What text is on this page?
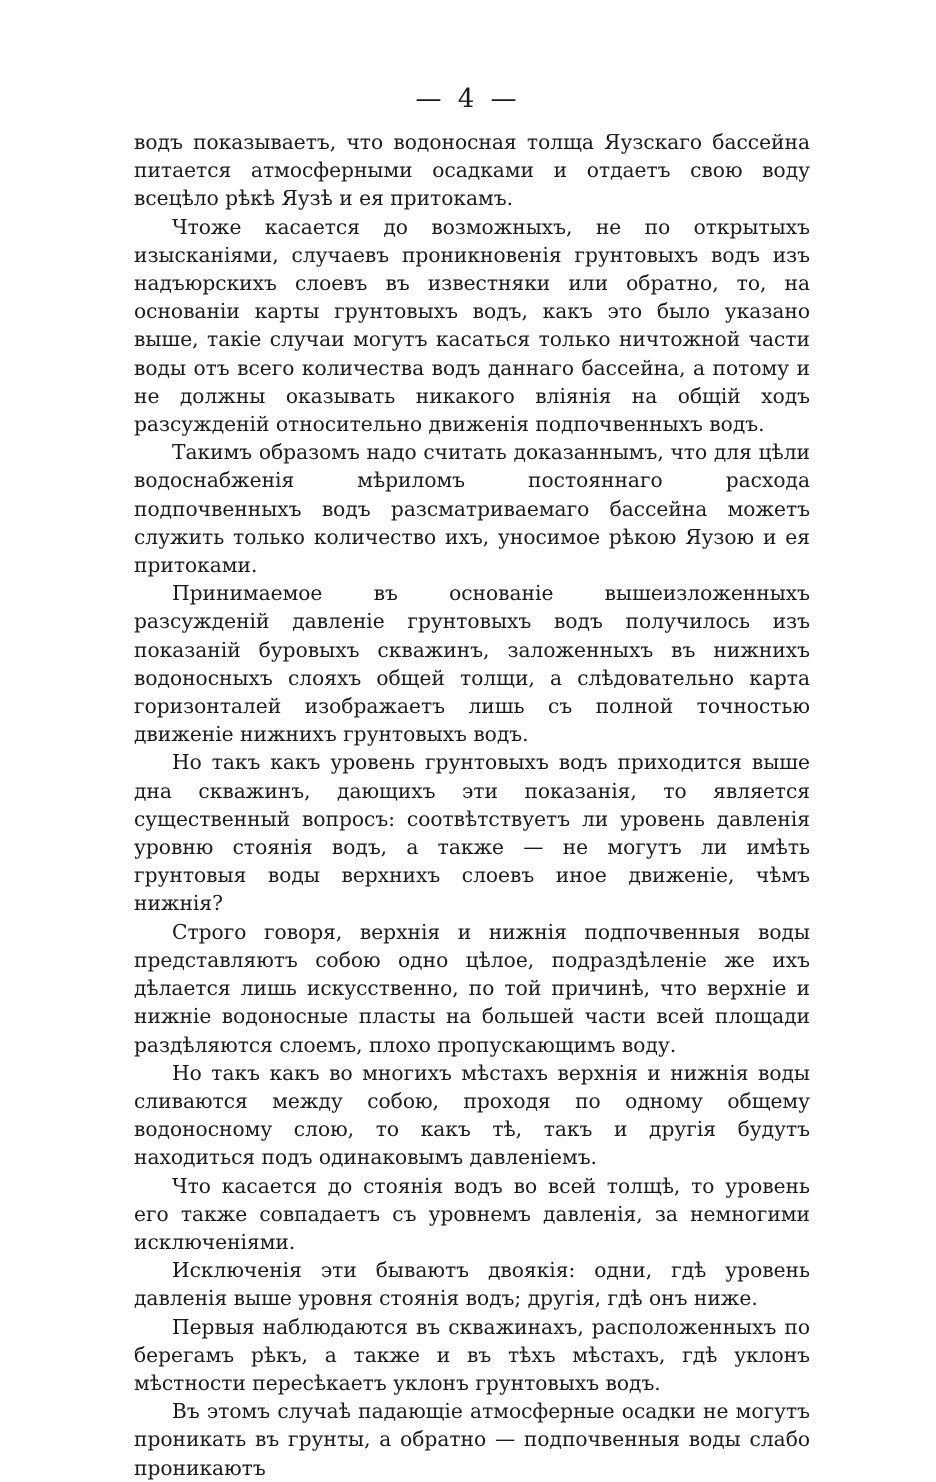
— 4 —

водъ показываетъ, что водоносная толща Яузскаго бассейна питается атмосферными осадками и отдаетъ свою воду всецѣло рѣкѣ Яузѣ и ея притокамъ.

Чтоже касается до возможныхъ, не по открытыхъ изысканіями, случаевъ проникновенія грунтовыхъ водъ изъ надъюрскихъ слоевъ въ известняки или обратно, то, на основаніи карты грунтовыхъ водъ, какъ это было указано выше, такіе случаи могутъ касаться только ничтожной части воды отъ всего количества водъ даннаго бассейна, а потому и не должны оказывать никакого вліянія на общій ходъ разсужденій относительно движенія подпочвенныхъ водъ.

Такимъ образомъ надо считать доказаннымъ, что для цѣли водоснабженія мѣриломъ постояннаго расхода подпочвенныхъ водъ разсматриваемаго бассейна можетъ служить только количество ихъ, уносимое рѣкою Яузою и ея притоками.

Принимаемое въ основаніе вышеизложенныхъ разсужденій давленіе грунтовыхъ водъ получилось изъ показаній буровыхъ скважинъ, заложенныхъ въ нижнихъ водоносныхъ слояхъ общей толщи, а слѣдовательно карта горизонталей изображаетъ лишь съ полной точностью движеніе нижнихъ грунтовыхъ водъ.

Но такъ какъ уровень грунтовыхъ водъ приходится выше дна скважинъ, дающихъ эти показанія, то является существенный вопросъ: соотвѣтствуетъ ли уровень давленія уровню стоянія водъ, а также — не могутъ ли имѣть грунтовыя воды верхнихъ слоевъ иное движеніе, чѣмъ нижнія?

Строго говоря, верхнія и нижнія подпочвенныя воды представляютъ собою одно цѣлое, подраздѣленіе же ихъ дѣлается лишь искусственно, по той причинѣ, что верхніе и нижніе водоносные пласты на большей части всей площади раздѣляются слоемъ, плохо пропускающимъ воду.

Но такъ какъ во многихъ мѣстахъ верхнія и нижнія воды сливаются между собою, проходя по одному общему водоносному слою, то какъ тѣ, такъ и другія будутъ находиться подъ одинаковымъ давленіемъ.

Что касается до стоянія водъ во всей толщѣ, то уровень его также совпадаетъ съ уровнемъ давленія, за немногими исключеніями.

Исключенія эти бываютъ двоякія: одни, гдѣ уровень давленія выше уровня стоянія водъ; другія, гдѣ онъ ниже.

Первыя наблюдаются въ скважинахъ, расположенныхъ по берегамъ рѣкъ, а также и въ тѣхъ мѣстахъ, гдѣ уклонъ мѣстности пересѣкаетъ уклонъ грунтовыхъ водъ.

Въ этомъ случаѣ падающіе атмосферные осадки не могутъ проникать въ грунты, а обратно — подпочвенныя воды слабо проникаютъ
